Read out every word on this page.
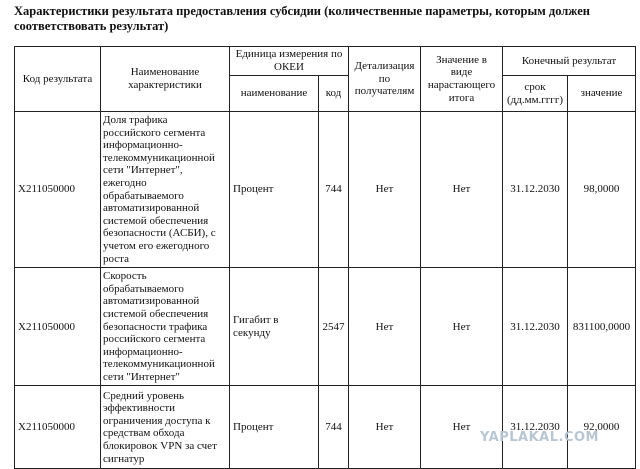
Характеристики результата предоставления субсидии (количественные параметры, которым должен соответствовать результат)
Код результата	Наименование характеристики	Единица измерения по ОКЕИ		Детализация по получателям	Значение в виде нарастающего итога	Конечный результат	
		наименование	код			срок (дд.мм.гггг)	значение
X211050000	Доля трафика российского сегмента информационно-телекоммуникационной сети "Интернет", ежегодно обрабатываемого автоматизированной системой обеспечения безопасности (АСБИ), с учетом его ежегодного роста	Процент	744	Нет	Нет	31.12.2030	98,0000
X211050000	Скорость обрабатываемого автоматизированной системой обеспечения безопасности трафика российского сегмента информационно-телекоммуникационной сети "Интернет"	Гигабит в секунду	2547	Нет	Нет	31.12.2030	831100,0000
X211050000	Средний уровень эффективности ограничения доступа к средствам обхода блокировок VPN за счет сигнатур	Процент	744	Нет	Нет	31.12.2030	92,0000
YAPLAKAL.COM
